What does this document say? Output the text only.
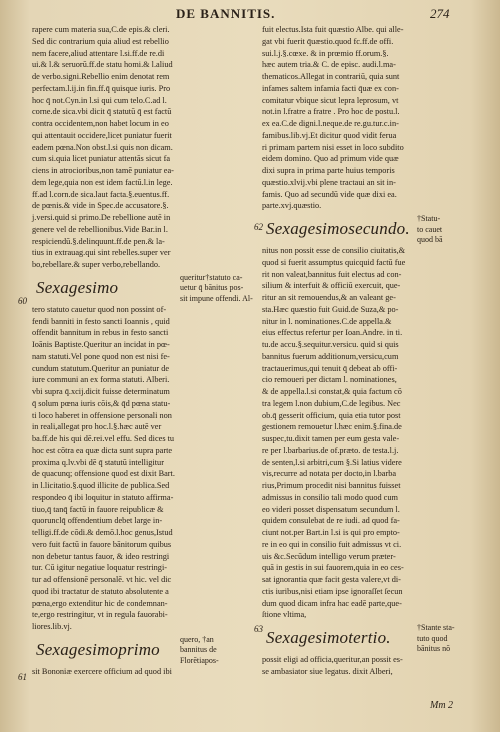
DE BANNITIS.	274
rapere cum materia sua,C.de epis.& cleri.
Sed dic contrarium quia aliud est rebellio
nem facere,aliud attentare l.si.ff.de re.di
ui.& l.& seruorū.ff.de statu homi.& l.aliud
de verbo.signi.Rebellio enim denotat rem
perfectam.l.ij.in fin.ff.q̄ quisque iuris. Pro
hoc q̄ not.Cyn.in l.si qui cum telo.C.ad l.
corne.de sica.vbi dicit q̄ statutū q̄ est factū
contra occidentem,non habet locum in eo
qui attentauit occidere,licet puniatur fuerit
eadem pœna.Non obst.l.si quis non dicam.
cum si.quia licet puniatur attentās sicut fa
ciens in atrocioribus,non tamē puniatur ea-
dem lege,quia non est idem factū.l.in lege.
ff.ad l.corn.de sica.laut facta.§.euentus.ff.
de pœnis.& vide in Spec.de accusatore.§.
j.versi.quid si primo.De rebellione autē in
genere vel de rebellionibus.Vide Bar.in l.
respiciendū.§.delinquunt.ff.de pen.& la-
tius in extrauag.qui sint rebelles.super ver
bo,rebellare.& super verbo,rebellando.
Sexagesimo
queritur†statuto ca-
uetur q̄ bānitus pos-
sit impune offendi. Al-
tero statuto cauetur quod non possint of-
fendi banniti in festo sancti Ioannis , quid
offendit bannitum in rebus in festo sancti
Ioānis Baptiste.Queritur an incidat in pœ-
nam statuti.Vel pone quod non est nisi fe-
cundum statutum.Queritur an puniatur de
iure communi an ex forma statuti. Alberi.
vbi supra q̄.xcij.dicit fuisse determinatum
q̄ solum pœna iuris cōis,& q̄d pœna statu-
ti loco haberet in offensione personali non
in reali,allegat pro hoc.l.§.hæc autē ver
ba.ff.de his qui dē.rei.vel effu. Sed dices tu
hoc est cōtra ea quæ dicta sunt supra parte
proxima q.lv.vbi dē q̄ statutū intelligitur
de quacunq; offensione quod est dixit Bart.
in l.licitatio.§.quod illicite de publica.Sed
respondeo q̄ ibi loquitur in statuto affirma-
tiuo,q̄ tanq̄ factū in fauore reipublicæ &
quorunclq̄ offendentium debet large in-
telligi.ff.de cōdi.& demō.l.hoc genus,Istud
vero fuit factū in fauore bānitorum quibus
non debetur tantus fauor, & ideo restringi
tur. Cū igitur negatiue loquatur restringi-
tur ad offensionē personalē. vt hic. vel dic
quod ibi tractatur de statuto absolutente a
pœna,ergo extenditur hic de condemnan-
te,ergo restringitur, vt in regula fauorabi-
liores.lib.vj.
Sexagesimoprimo
quero, †an
bannitus de
Florētiapos-
sit Bononiæ exercere officium ad quod ibi
60
61
fuit electus.Ista fuit quæstio Albe. qui alle-
gat vbi fuerit q̄uæstio.quod fc.ff.de offi.
sui.l.j.§.cœxe. & in prœmio ff.orum.§.
hæc autem tria.& C. de episc. audi.l.ma-
thematicos.Allegat in contrariū, quia sunt
infames saltem infamia facti q̄uæ ex con-
comitatur vbique sicut lepra leprosum, vt
not.in l.fratre a fratre . Pro hoc de postu.l.
ex ea.C.de digni.l.neque.de re.gu.tur.c.in-
famibus.lib.vj.Et dicitur quod vidit ferua
ri primam partem nisi esset in loco subdito
eidem domino. Quo ad primum vide quæ
dixi supra in prima parte huius temporis
quæstio.xlvij.vbi plene tractaui an sit in-
famis. Quo ad secundū vide quæ dixi ea.
parte.xvj.quæstio.
Sexagesimosecundo.
†Statu-
to cauet
quod bā
nitus non possit esse de consilio ciuitatis,&
quod si fuerit assumptus quicquid factū fue
rit non valeat,bannitus fuit electus ad con-
silium & interfuit & officiū exercuit, que-
ritur an sit remouendus,& an valeant ge-
sta.Hæc quæstio fuit Guid.de Suza,& po-
nitur in l. nominationes.C.de appella.&
eius effectus refertur per Ioan.Andre. in ti.
tu.de accu.§.sequitur.versicu. quid si quis
bannitus fuerum additionum,versicu,cum
tractauerimus,qui tenuit q̄ debeat ab offi-
cio remoueri per dictam l. nominationes,
& de appella.l.si constat,& quia factum cō
tra legem l.non dubium,C.de legibus. Nec
ob.q̄ gesserit officium, quia etia tutor post
gestionem remouetur l.hæc enim.§.fina.de
suspec,tu.dixit tamen per eum gesta vale-
re per l.barbarius.de of.præto. de testa.l.j.
de senten,l.si arbitri,cum §.Si latius videre
vis,recurre ad notata per docto,in l.barba
rius,Primum procedit nisi bannitus fuisset
admissus in consilio tali modo quod cum
eo videri posset dispensatum secundum l.
quidem consulebat de re iudi. ad quod fa-
ciunt not.per Bart.in l.si is qui pro empto-
re in eo qui in consilio fuit admissus vt ci.
uis &c.Secūdum intelligo verum præter-
quā in gestis in sui fauorem,quia in eo ces-
sat ignorantia quæ facit gesta valere,vt di-
ctis iuribus,nisi etiam ipse ignoraſſet ſecun
dum quod dicam infra hac eadē parte,que-
ſtione vltima,
Sexagesimotertio.
†Stante sta-
tuto quod
bānitus nō
possit eligi ad officia,queritur,an possit es-
se ambasiator siue legatus. dixit Alberi,
62
63
Mm 2
